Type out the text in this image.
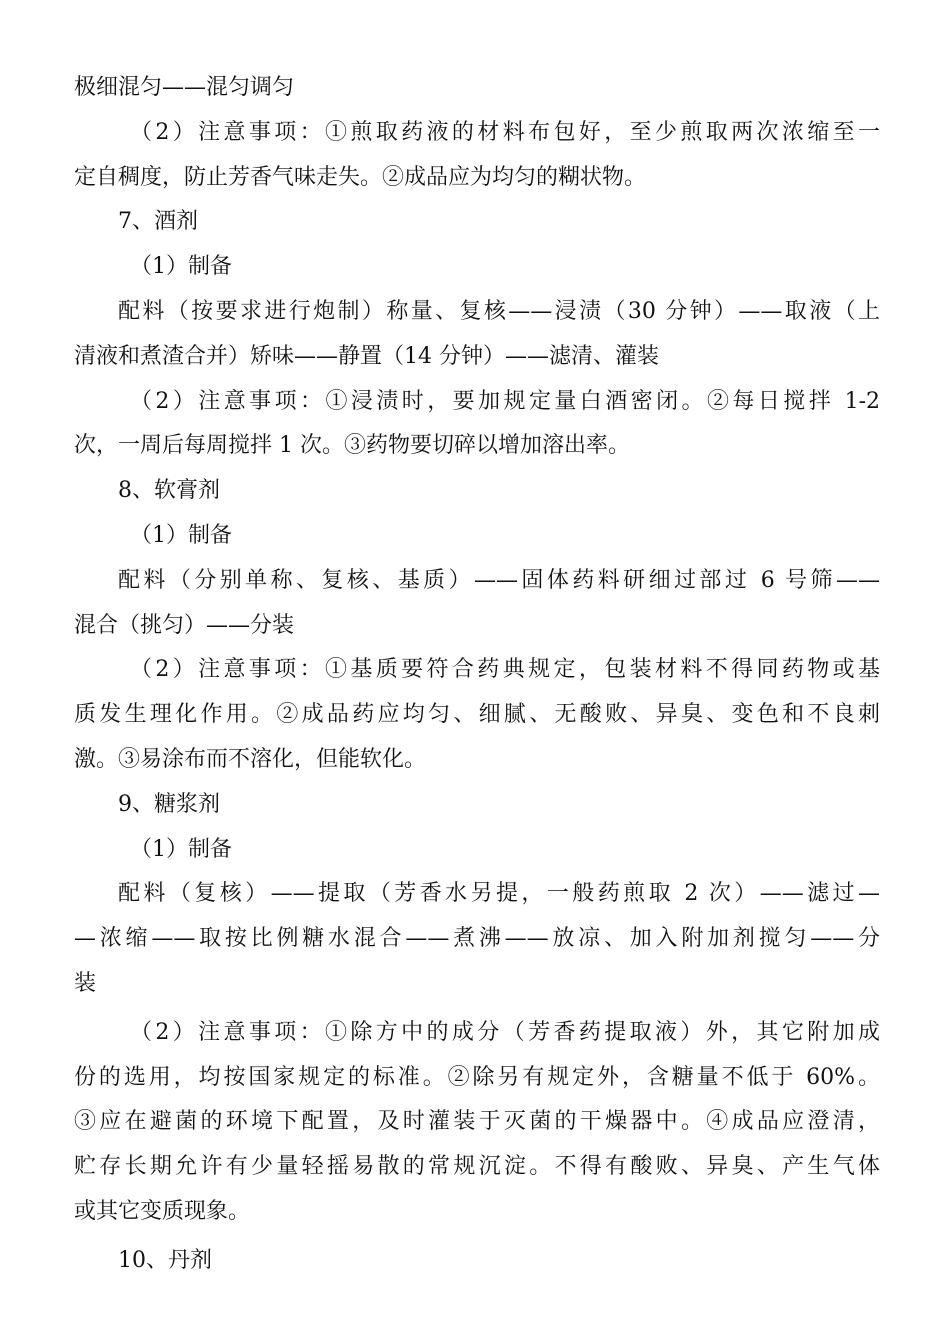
极细混匀——混匀调匀
（2）注意事项：①煎取药液的材料布包好，至少煎取两次浓缩至一
定自稠度，防止芳香气味走失。②成品应为均匀的糊状物。
7、酒剂
（1）制备
配料（按要求进行炮制）称量、复核——浸渍（30 分钟）——取液（上
清液和煮渣合并）矫味——静置（14 分钟）——滤清、灌装
（2）注意事项：①浸渍时，要加规定量白酒密闭。②每日搅拌 1-2
次，一周后每周搅拌 1 次。③药物要切碎以增加溶出率。
8、软膏剂
（1）制备
配料（分别单称、复核、基质）——固体药料研细过部过 6 号筛——
混合（挑匀）——分装
（2）注意事项：①基质要符合药典规定，包装材料不得同药物或基
质发生理化作用。②成品药应均匀、细腻、无酸败、异臭、变色和不良刺
激。③易涂布而不溶化，但能软化。
9、糖浆剂
（1）制备
配料（复核）——提取（芳香水另提，一般药煎取 2 次）——滤过—
—浓缩——取按比例糖水混合——煮沸——放凉、加入附加剂搅匀——分
装
（2）注意事项：①除方中的成分（芳香药提取液）外，其它附加成
份的选用，均按国家规定的标准。②除另有规定外，含糖量不低于 60%。
③应在避菌的环境下配置，及时灌装于灭菌的干燥器中。④成品应澄清，
贮存长期允许有少量轻摇易散的常规沉淀。不得有酸败、异臭、产生气体
或其它变质现象。
10、丹剂
